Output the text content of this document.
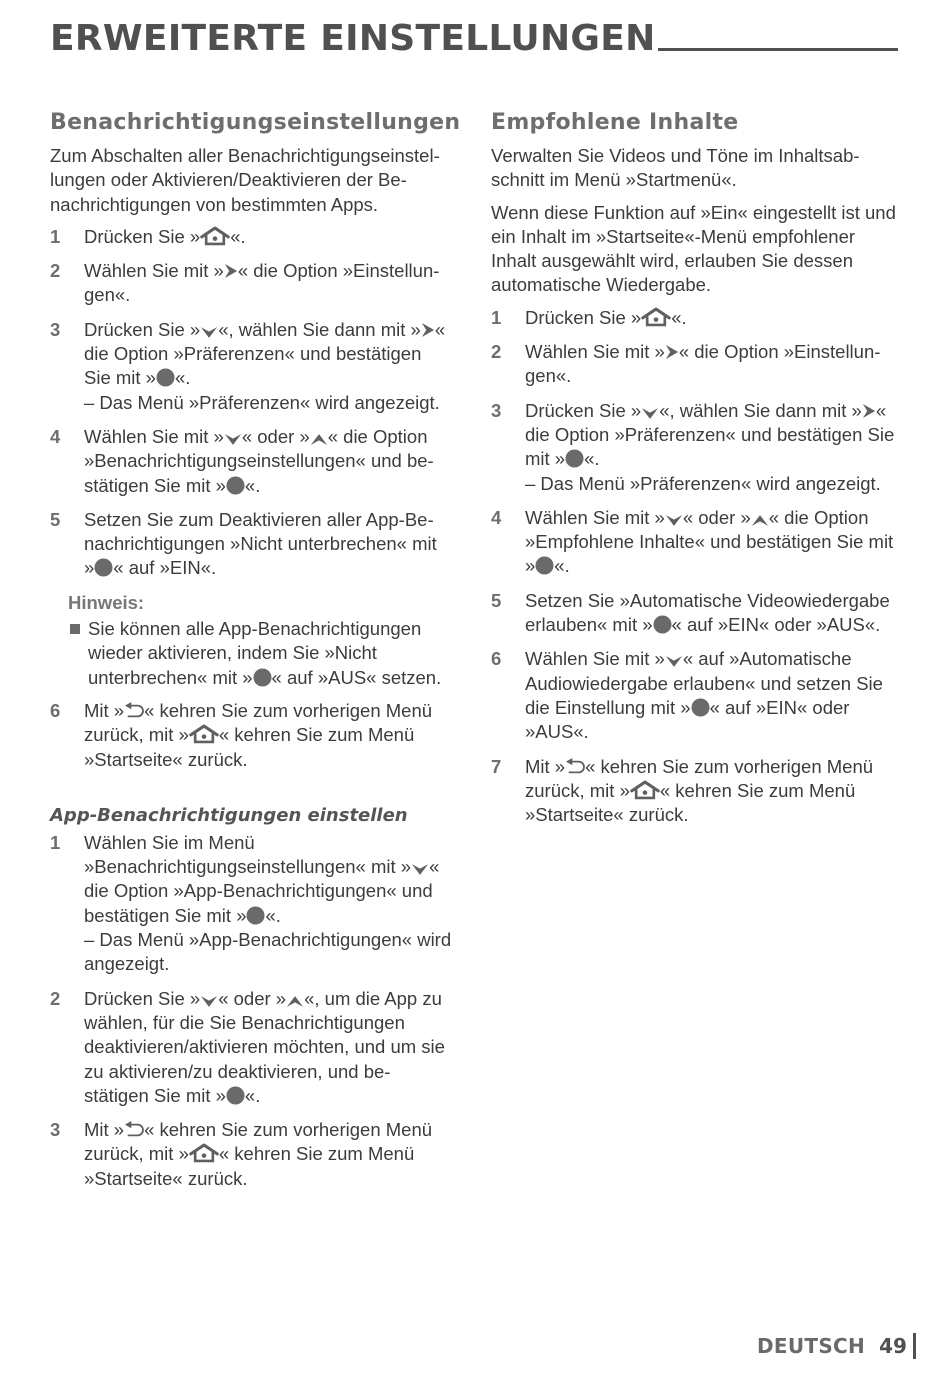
ERWEITERTE EINSTELLUNGEN
Benachrichtigungseinstellungen

Zum Abschalten aller Benachrichtigungseinstel-lungen oder Aktivieren/Deaktivieren der Be-nachrichtigungen von bestimmten Apps.

1	Drücken Sie » «.
2	Wählen Sie mit » « die Option »Einstellun-gen«.
3	Drücken Sie » «, wählen Sie dann mit » « die Option »Präferenzen« und bestätigen Sie mit » «.
– Das Menü »Präferenzen« wird angezeigt.
4	Wählen Sie mit » « oder » « die Option »Benachrichtigungseinstellungen« und be-stätigen Sie mit » «.
5	Setzen Sie zum Deaktivieren aller App-Be-nachrichtigungen »Nicht unterbrechen« mit » « auf »EIN«.
Hinweis:
Sie können alle App-Benachrichtigungen wieder aktivieren, indem Sie »Nicht unterbrechen« mit » « auf »AUS« setzen.
6	Mit » « kehren Sie zum vorherigen Menü zurück, mit » « kehren Sie zum Menü »Startseite« zurück.
App-Benachrichtigungen einstellen
1	Wählen Sie im Menü »Benachrichtigungseinstellungen« mit » « die Option »App-Benachrichtigungen« und bestätigen Sie mit » «.
– Das Menü »App-Benachrichtigungen« wird angezeigt.
2	Drücken Sie » « oder » «, um die App zu wählen, für die Sie Benachrichtigungen deaktivieren/aktivieren möchten, und um sie zu aktivieren/zu deaktivieren, und be-stätigen Sie mit » «.
3	Mit » « kehren Sie zum vorherigen Menü zurück, mit » « kehren Sie zum Menü »Startseite« zurück.
Empfohlene Inhalte

Verwalten Sie Videos und Töne im Inhaltsab-schnitt im Menü »Startmenü«.

Wenn diese Funktion auf »Ein« eingestellt ist und ein Inhalt im »Startseite«-Menü empfohlener Inhalt ausgewählt wird, erlauben Sie dessen automatische Wiedergabe.

1	Drücken Sie » «.
2	Wählen Sie mit » « die Option »Einstellun-gen«.
3	Drücken Sie » «, wählen Sie dann mit » « die Option »Präferenzen« und bestätigen Sie mit » «.
– Das Menü »Präferenzen« wird angezeigt.
4	Wählen Sie mit » « oder » « die Option »Empfohlene Inhalte« und bestätigen Sie mit » «.
5	Setzen Sie »Automatische Videowiedergabe erlauben« mit » « auf »EIN« oder »AUS«.
6	Wählen Sie mit » « auf »Automatische Audiowiedergabe erlauben« und setzen Sie die Einstellung mit » « auf »EIN« oder »AUS«.
7	Mit » « kehren Sie zum vorherigen Menü zurück, mit » « kehren Sie zum Menü »Startseite« zurück.
DEUTSCH 49
